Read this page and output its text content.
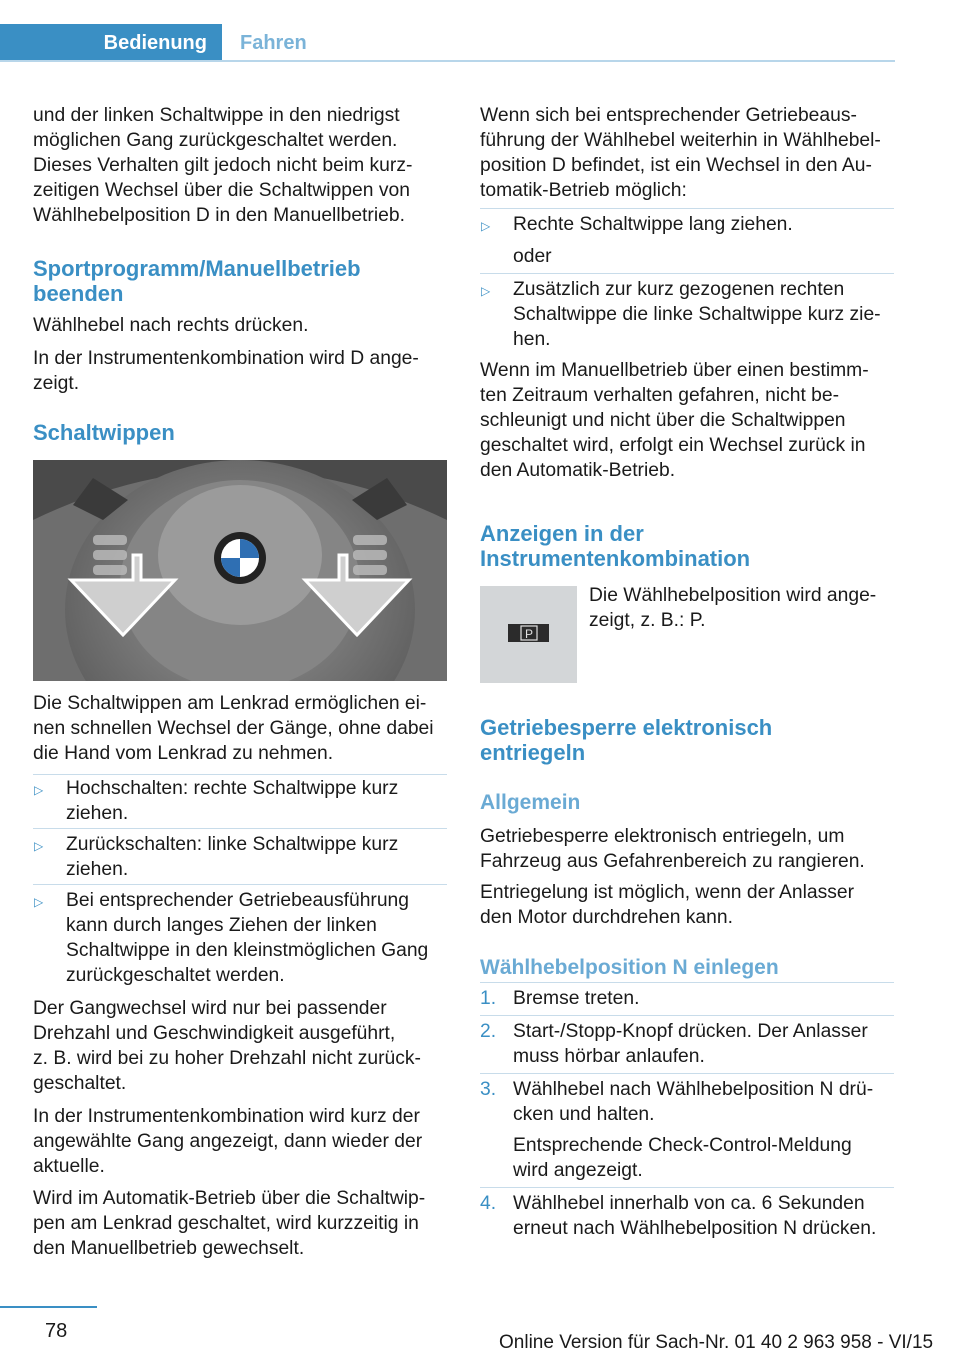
Bedienung	Fahren

und der linken Schaltwippe in den niedrigst

möglichen Gang zurückgeschaltet werden.

Dieses Verhalten gilt jedoch nicht beim kurz‐

zeitigen Wechsel über die Schaltwippen von

Wählhebelposition D in den Manuellbetrieb.

Sportprogramm/Manuellbetrieb
beenden

Wählhebel nach rechts drücken.

In der Instrumentenkombination wird D ange‐

zeigt.

Schaltwippen

Die Schaltwippen am Lenkrad ermöglichen ei‐

nen schnellen Wechsel der Gänge, ohne dabei

die Hand vom Lenkrad zu nehmen.

▷ Hochschalten: rechte Schaltwippe kurz

ziehen.

▷ Zurückschalten: linke Schaltwippe kurz

ziehen.

▷ Bei entsprechender Getriebeausführung

kann durch langes Ziehen der linken

Schaltwippe in den kleinstmöglichen Gang

zurückgeschaltet werden.

Der Gangwechsel wird nur bei passender

Drehzahl und Geschwindigkeit ausgeführt,

z. B. wird bei zu hoher Drehzahl nicht zurück‐

geschaltet.

In der Instrumentenkombination wird kurz der

angewählte Gang angezeigt, dann wieder der

aktuelle.

Wird im Automatik-Betrieb über die Schaltwip‐

pen am Lenkrad geschaltet, wird kurzzeitig in

den Manuellbetrieb gewechselt.

Wenn sich bei entsprechender Getriebeaus‐

führung der Wählhebel weiterhin in Wählhebel‐

position D befindet, ist ein Wechsel in den Au‐

tomatik-Betrieb möglich:

▷ Rechte Schaltwippe lang ziehen.

oder

▷ Zusätzlich zur kurz gezogenen rechten

Schaltwippe die linke Schaltwippe kurz zie‐

hen.

Wenn im Manuellbetrieb über einen bestimm‐

ten Zeitraum verhalten gefahren, nicht be‐

schleunigt und nicht über die Schaltwippen

geschaltet wird, erfolgt ein Wechsel zurück in

den Automatik-Betrieb.

Anzeigen in der
Instrumentenkombination
P

Die Wählhebelposition wird ange‐

zeigt, z. B.: P.

Getriebesperre elektronisch
entriegeln
Allgemein

Getriebesperre elektronisch entriegeln, um

Fahrzeug aus Gefahrenbereich zu rangieren.

Entriegelung ist möglich, wenn der Anlasser

den Motor durchdrehen kann.

Wählhebelposition N einlegen
1. Bremse treten.

2. Start-/Stopp-Knopf drücken. Der Anlasser

muss hörbar anlaufen.

3. Wählhebel nach Wählhebelposition N drü‐

cken und halten.

Entsprechende Check-Control-Meldung

wird angezeigt.

4. Wählhebel innerhalb von ca. 6 Sekunden

erneut nach Wählhebelposition N drücken.

78
Online Version für Sach-Nr. 01 40 2 963 958 - VI/15
